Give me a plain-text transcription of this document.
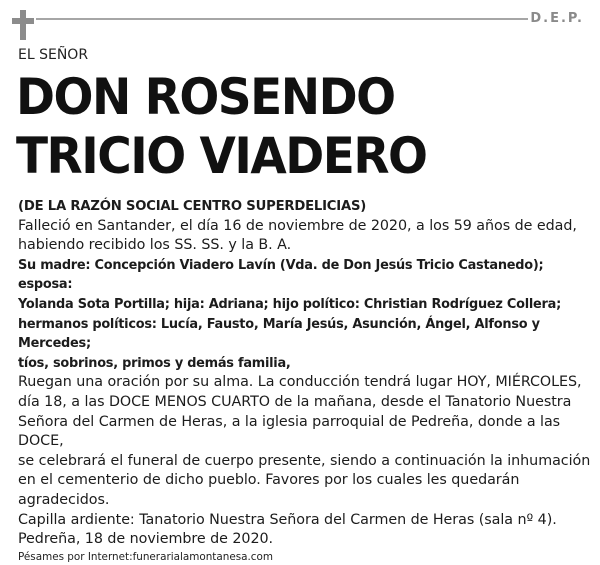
D.E.P.
EL SEÑOR
DON ROSENDO
TRICIO VIADERO

(DE LA RAZÓN SOCIAL CENTRO SUPERDELICIAS)

Falleció en Santander, el día 16 de noviembre de 2020, a los 59 años de edad,

habiendo recibido los SS. SS. y la B. A.

Su madre: Concepción Viadero Lavín (Vda. de Don Jesús Tricio Castanedo); esposa:

Yolanda Sota Portilla; hija: Adriana; hijo político: Christian Rodríguez Collera;

hermanos políticos: Lucía, Fausto, María Jesús, Asunción, Ángel, Alfonso y Mercedes;

tíos, sobrinos, primos y demás familia,

Ruegan una oración por su alma. La conducción tendrá lugar HOY, MIÉRCOLES,

día 18, a las DOCE MENOS CUARTO de la mañana, desde el Tanatorio Nuestra

Señora del Carmen de Heras, a la iglesia parroquial de Pedreña, donde a las DOCE,

se celebrará el funeral de cuerpo presente, siendo a continuación la inhumación

en el cementerio de dicho pueblo. Favores por los cuales les quedarán agradecidos.

Capilla ardiente: Tanatorio Nuestra Señora del Carmen de Heras (sala nº 4).

Pedreña, 18 de noviembre de 2020.

Pésames por Internet:funerarialamontanesa.com
